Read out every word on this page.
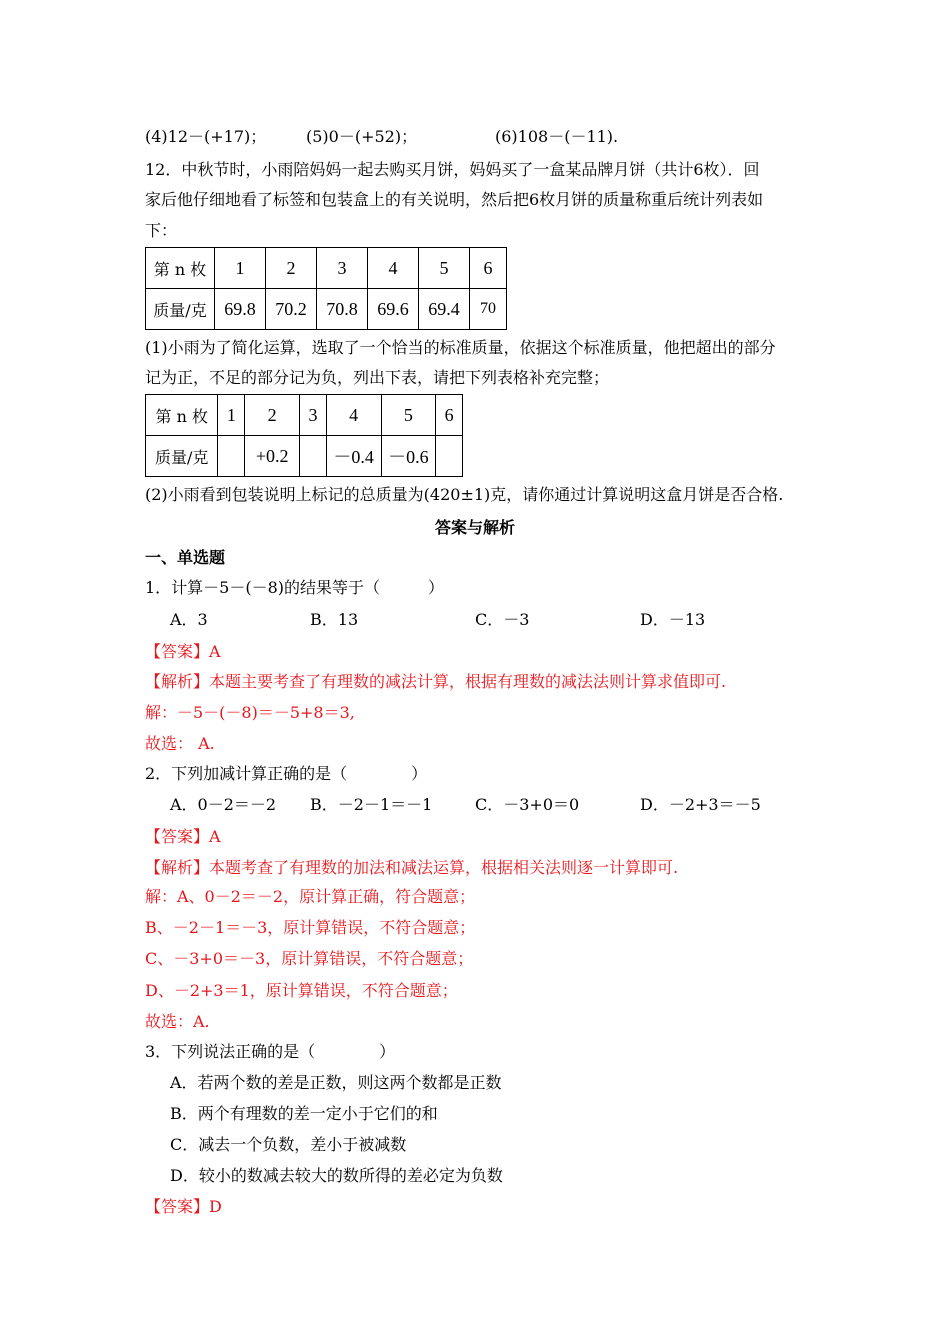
(4)12－(+17)； (5)0－(+52)；	(6)108－(－11).
12．中秋节时，小雨陪妈妈一起去购买月饼，妈妈买了一盒某品牌月饼（共计6枚）．回
家后他仔细地看了标签和包装盒上的有关说明，然后把6枚月饼的质量称重后统计列表如
下：
第 n 枚	1	2	3	4	5	6
质量/克	69.8	70.2	70.8	69.6	69.4	70
(1)小雨为了简化运算，选取了一个恰当的标准质量，依据这个标准质量，他把超出的部分
记为正，不足的部分记为负，列出下表，请把下列表格补充完整；
第 n 枚	1	2	3	4	5	6
质量/克		+0.2		－0.4	－0.6	
(2)小雨看到包装说明上标记的总质量为(420±1)克，请你通过计算说明这盒月饼是否合格.
答案与解析
一、单选题
1．计算－5－(－8)的结果等于（　　　）
A．3	B．13	C．－3	D．－13
【答案】A
【解析】本题主要考查了有理数的减法计算，根据有理数的减法法则计算求值即可.
解：－5－(－8)＝－5+8＝3,
故选： A.
2．下列加减计算正确的是（　　　　）
A．0－2＝－2 B．－2－1＝－1	C．－3+0＝0	D．－2+3＝－5
【答案】A
【解析】本题考查了有理数的加法和减法运算，根据相关法则逐一计算即可.
解：A、0－2＝－2，原计算正确，符合题意；
B、－2－1＝－3，原计算错误，不符合题意；
C、－3+0＝－3，原计算错误，不符合题意；
D、－2+3＝1，原计算错误，不符合题意；
故选：A.
3．下列说法正确的是（　　　　）
A．若两个数的差是正数，则这两个数都是正数
B．两个有理数的差一定小于它们的和
C．减去一个负数，差小于被减数
D．较小的数减去较大的数所得的差必定为负数
【答案】D
